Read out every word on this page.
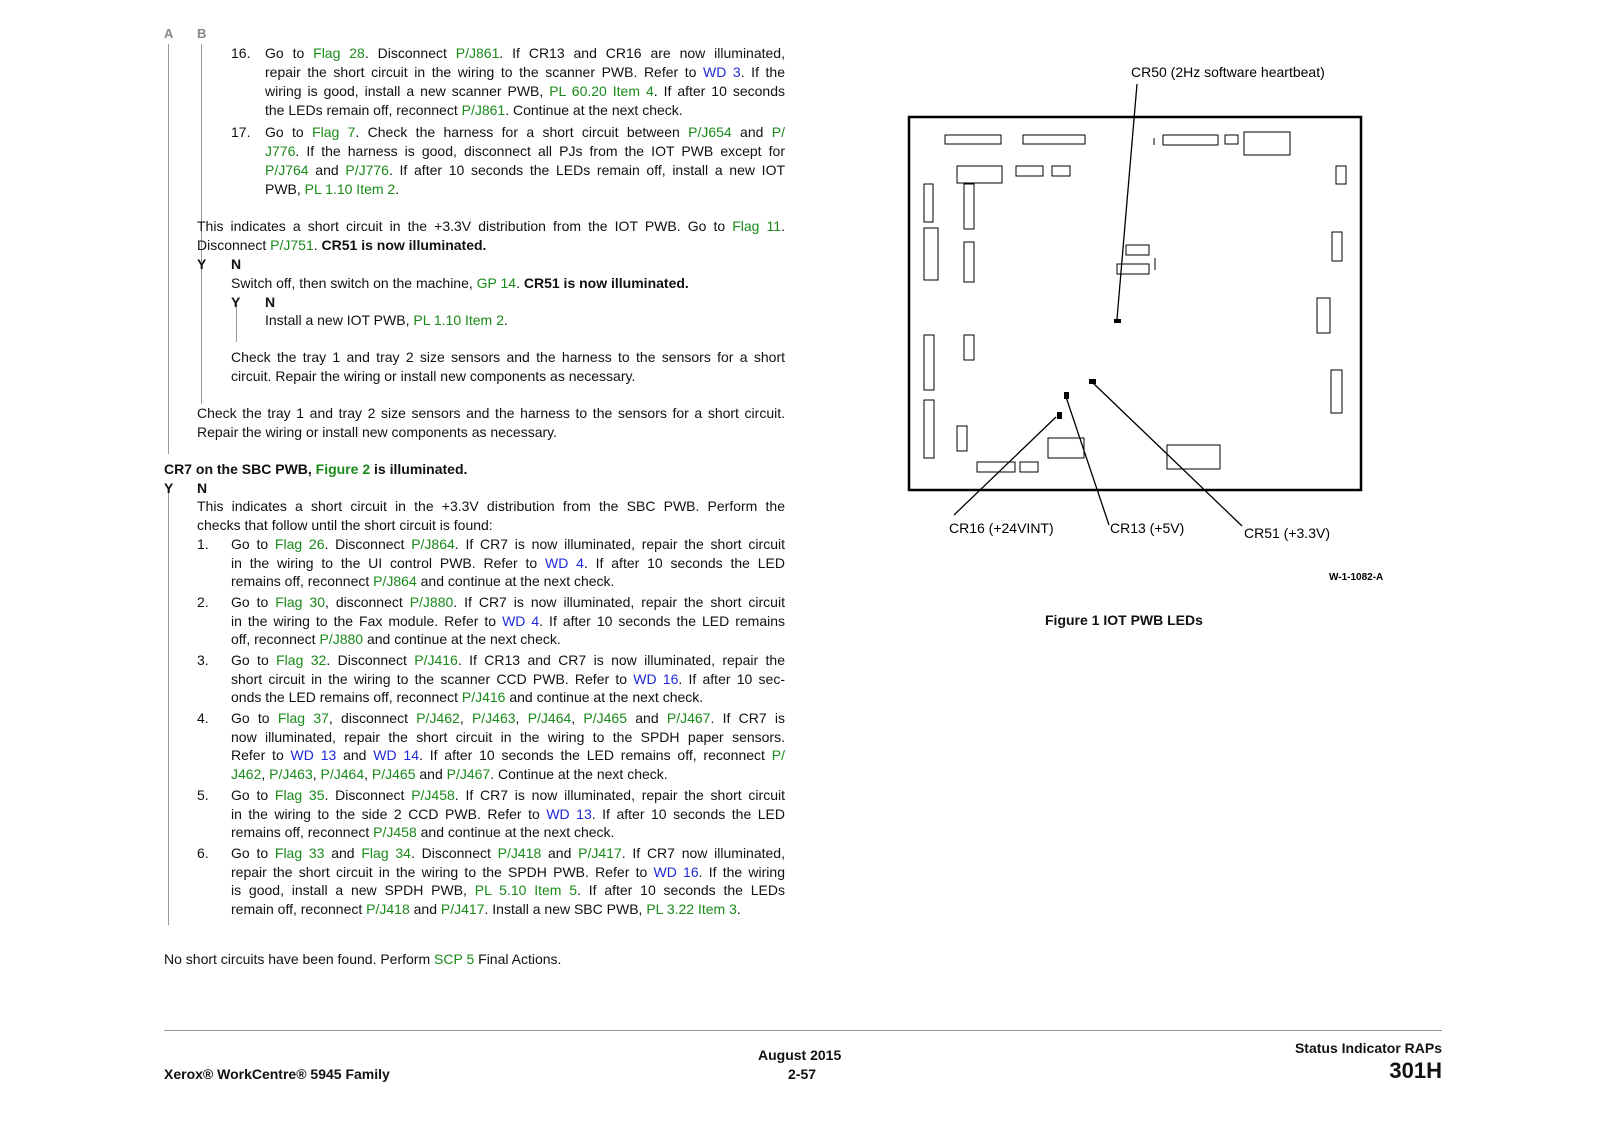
A B
16. Go to Flag 28. Disconnect P/J861. If CR13 and CR16 are now illuminated,
repair the short circuit in the wiring to the scanner PWB. Refer to WD 3. If the
wiring is good, install a new scanner PWB, PL 60.20 Item 4. If after 10 seconds
the LEDs remain off, reconnect P/J861. Continue at the next check.
17. Go to Flag 7. Check the harness for a short circuit between P/J654 and P/
J776. If the harness is good, disconnect all PJs from the IOT PWB except for
P/J764 and P/J776. If after 10 seconds the LEDs remain off, install a new IOT
PWB, PL 1.10 Item 2.
This indicates a short circuit in the +3.3V distribution from the IOT PWB. Go to Flag 11.
Disconnect P/J751. CR51 is now illuminated.
Y N
Switch off, then switch on the machine, GP 14. CR51 is now illuminated.
Y N
Install a new IOT PWB, PL 1.10 Item 2.
Check the tray 1 and tray 2 size sensors and the harness to the sensors for a short
circuit. Repair the wiring or install new components as necessary.
Check the tray 1 and tray 2 size sensors and the harness to the sensors for a short circuit.
Repair the wiring or install new components as necessary.
CR7 on the SBC PWB, Figure 2 is illuminated.
Y N
This indicates a short circuit in the +3.3V distribution from the SBC PWB. Perform the
checks that follow until the short circuit is found:
1. Go to Flag 26. Disconnect P/J864. If CR7 is now illuminated, repair the short circuit
in the wiring to the UI control PWB. Refer to WD 4. If after 10 seconds the LED
remains off, reconnect P/J864 and continue at the next check.
2. Go to Flag 30, disconnect P/J880. If CR7 is now illuminated, repair the short circuit
in the wiring to the Fax module. Refer to WD 4. If after 10 seconds the LED remains
off, reconnect P/J880 and continue at the next check.
3. Go to Flag 32. Disconnect P/J416. If CR13 and CR7 is now illuminated, repair the
short circuit in the wiring to the scanner CCD PWB. Refer to WD 16. If after 10 sec-
onds the LED remains off, reconnect P/J416 and continue at the next check.
4. Go to Flag 37, disconnect P/J462, P/J463, P/J464, P/J465 and P/J467. If CR7 is
now illuminated, repair the short circuit in the wiring to the SPDH paper sensors.
Refer to WD 13 and WD 14. If after 10 seconds the LED remains off, reconnect P/
J462, P/J463, P/J464, P/J465 and P/J467. Continue at the next check.
5. Go to Flag 35. Disconnect P/J458. If CR7 is now illuminated, repair the short circuit
in the wiring to the side 2 CCD PWB. Refer to WD 13. If after 10 seconds the LED
remains off, reconnect P/J458 and continue at the next check.
6. Go to Flag 33 and Flag 34. Disconnect P/J418 and P/J417. If CR7 now illuminated,
repair the short circuit in the wiring to the SPDH PWB. Refer to WD 16. If the wiring
is good, install a new SPDH PWB, PL 5.10 Item 5. If after 10 seconds the LEDs
remain off, reconnect P/J418 and P/J417. Install a new SBC PWB, PL 3.22 Item 3.
No short circuits have been found. Perform SCP 5 Final Actions.
CR50 (2Hz software heartbeat)
CR16 (+24VINT)	CR13 (+5V)	CR51 (+3.3V)
W-1-1082-A
Figure 1 IOT PWB LEDs
Xerox® WorkCentre® 5945 Family
August 2015
2-57
Status Indicator RAPs
301H
